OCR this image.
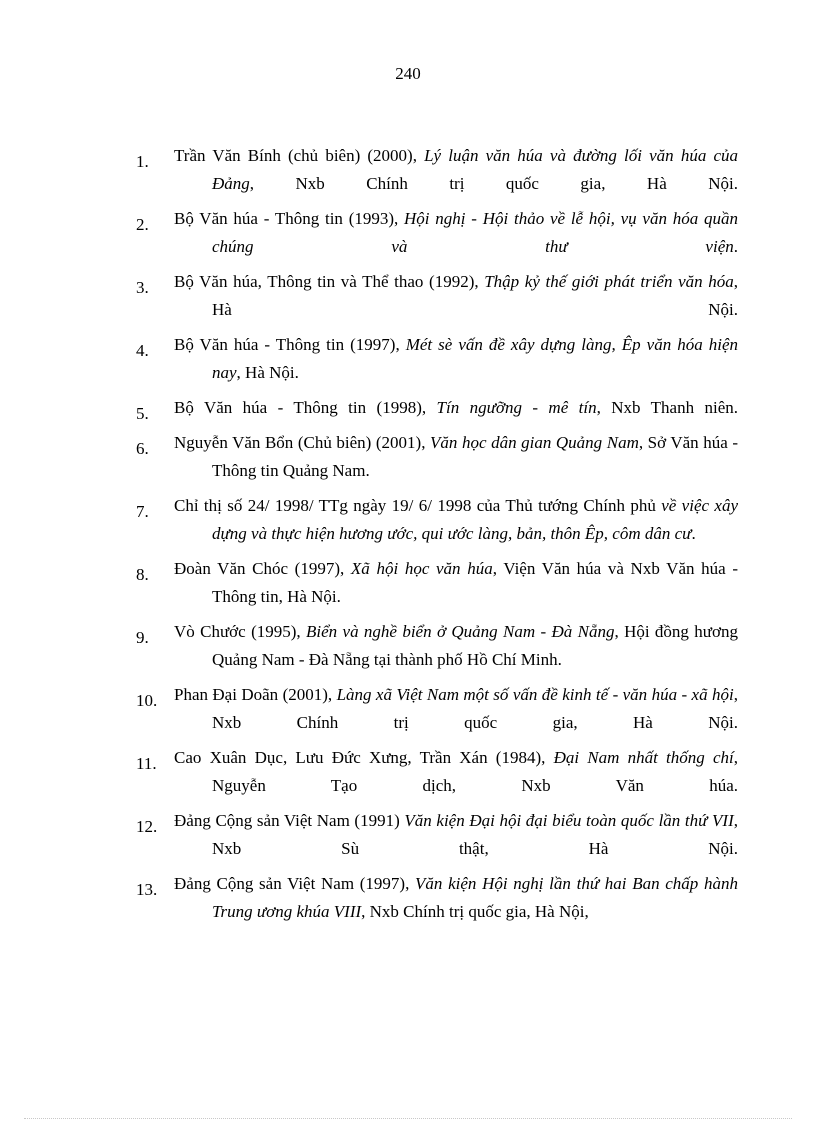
240
1. Trần Văn Bính (chủ biên) (2000), Lý luận văn húa và đường lối văn húa của Đảng, Nxb Chính trị quốc gia, Hà Nội.
2. Bộ Văn húa - Thông tin (1993), Hội nghị - Hội thảo về lễ hội, vụ văn hóa quần chúng và thư viện.
3. Bộ Văn húa, Thông tin và Thể thao (1992), Thập kỷ thế giới phát triển văn hóa, Hà Nội.
4. Bộ Văn húa - Thông tin (1997), Mét sè vấn đề xây dựng làng, Êp văn hóa hiện nay, Hà Nội.
5. Bộ Văn húa - Thông tin (1998), Tín ngưỡng - mê tín, Nxb Thanh niên.
6. Nguyễn Văn Bổn (Chủ biên) (2001), Văn học dân gian Quảng Nam, Sở Văn húa - Thông tin Quảng Nam.
7. Chỉ thị số 24/ 1998/ TTg ngày 19/ 6/ 1998 của Thủ tướng Chính phủ về việc xây dựng và thực hiện hương ước, qui ước làng, bản, thôn Êp, côm dân cư.
8. Đoàn Văn Chóc (1997), Xã hội học văn húa, Viện Văn húa và Nxb Văn húa - Thông tin, Hà Nội.
9. Vò Chước (1995), Biển và nghề biển ở Quảng Nam - Đà Nẵng, Hội đồng hương Quảng Nam - Đà Nẵng tại thành phố Hồ Chí Minh.
10. Phan Đại Doãn (2001), Làng xã Việt Nam một số vấn đề kinh tế - văn húa - xã hội, Nxb Chính trị quốc gia, Hà Nội.
11. Cao Xuân Dục, Lưu Đức Xưng, Trần Xán (1984), Đại Nam nhất thống chí, Nguyễn Tạo dịch, Nxb Văn húa.
12. Đảng Cộng sản Việt Nam (1991) Văn kiện Đại hội đại biểu toàn quốc lần thứ VII, Nxb Sù thật, Hà Nội.
13. Đảng Cộng sản Việt Nam (1997), Văn kiện Hội nghị lần thứ hai Ban chấp hành Trung ương khúa VIII, Nxb Chính trị quốc gia, Hà Nội,
